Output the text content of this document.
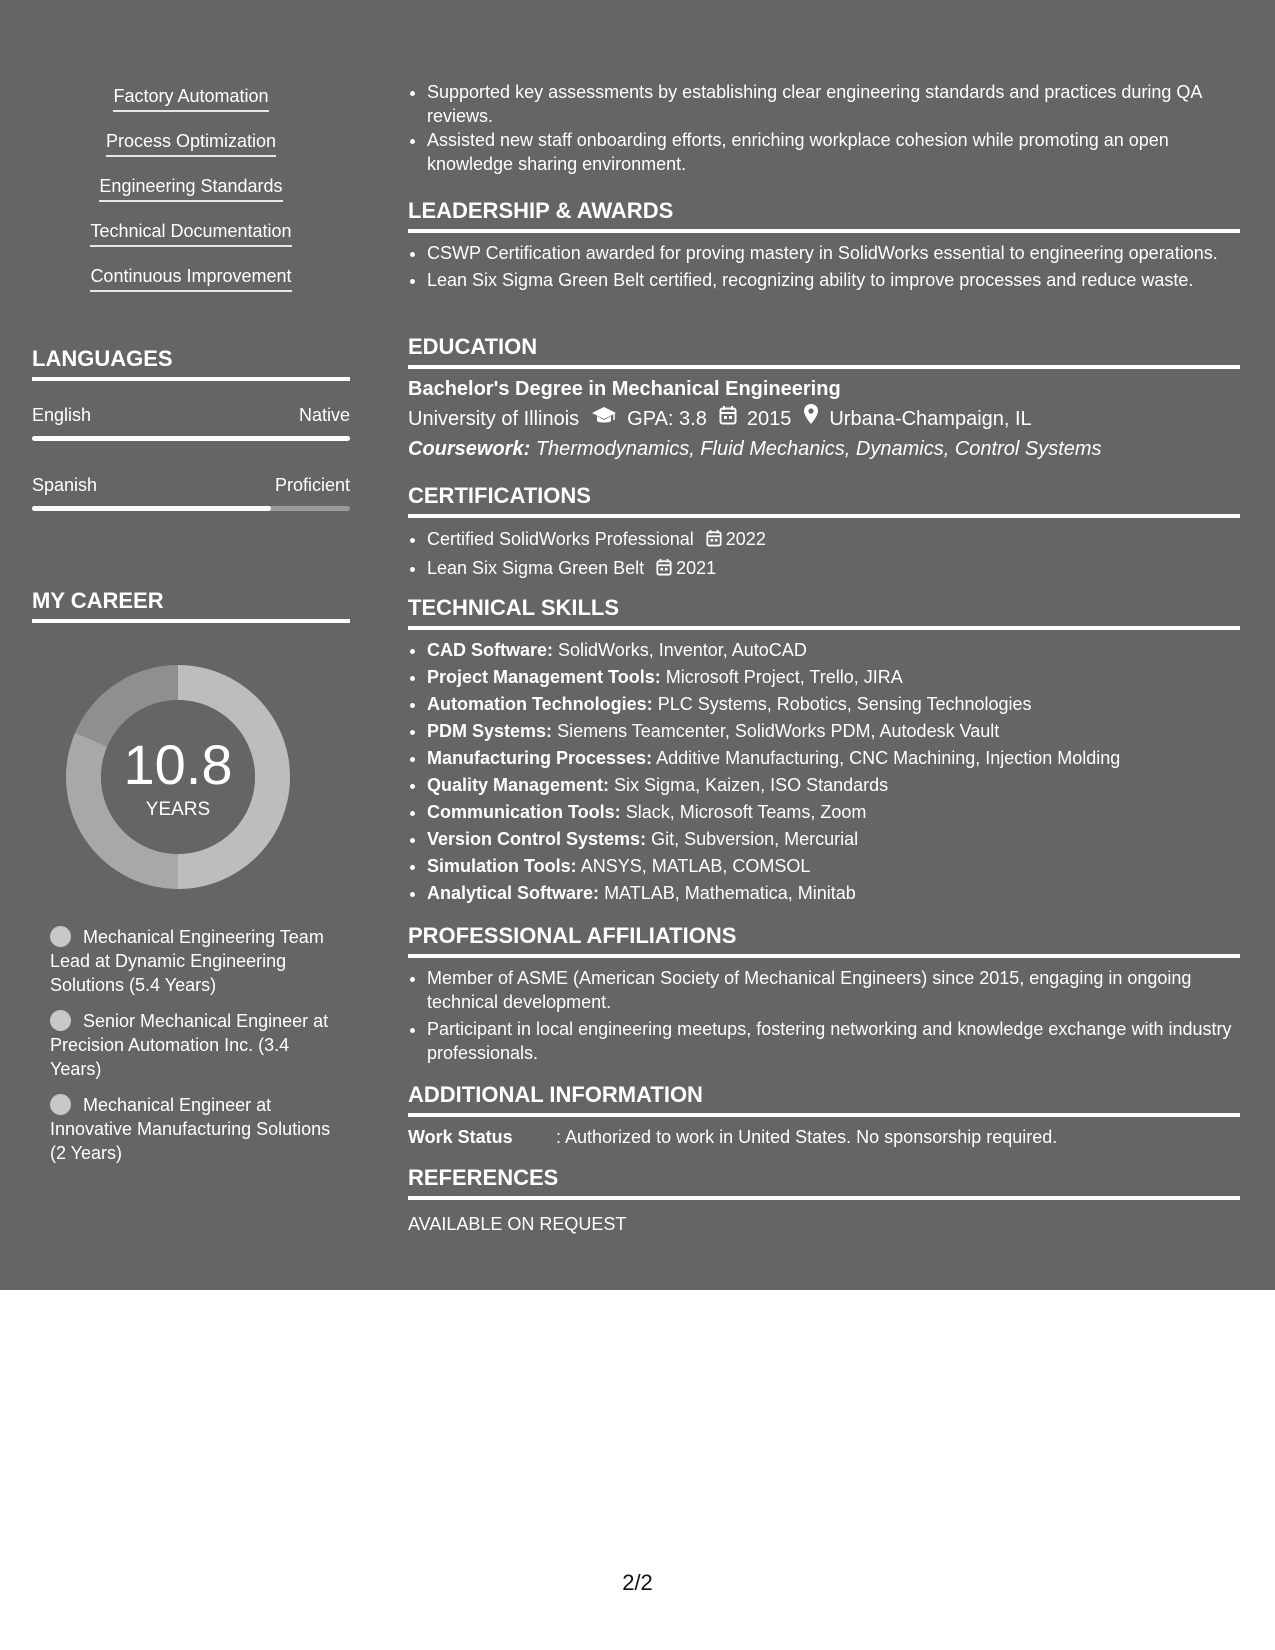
Factory Automation
Process Optimization
Engineering Standards
Technical Documentation
Continuous Improvement
LANGUAGES
English	Native
Spanish	Proficient
MY CAREER
10.8
YEARS
Mechanical Engineering Team Lead at Dynamic Engineering Solutions (5.4 Years)
Senior Mechanical Engineer at Precision Automation Inc. (3.4 Years)
Mechanical Engineer at Innovative Manufacturing Solutions (2 Years)
• Supported key assessments by establishing clear engineering standards and practices during QA reviews.
• Assisted new staff onboarding efforts, enriching workplace cohesion while promoting an open knowledge sharing environment.
LEADERSHIP & AWARDS
• CSWP Certification awarded for proving mastery in SolidWorks essential to engineering operations.
• Lean Six Sigma Green Belt certified, recognizing ability to improve processes and reduce waste.
EDUCATION
Bachelor's Degree in Mechanical Engineering
University of Illinois GPA: 3.8 2015 Urbana-Champaign, IL
Coursework: Thermodynamics, Fluid Mechanics, Dynamics, Control Systems
CERTIFICATIONS
• Certified SolidWorks Professional 2022
• Lean Six Sigma Green Belt 2021
TECHNICAL SKILLS
• CAD Software: SolidWorks, Inventor, AutoCAD
• Project Management Tools: Microsoft Project, Trello, JIRA
• Automation Technologies: PLC Systems, Robotics, Sensing Technologies
• PDM Systems: Siemens Teamcenter, SolidWorks PDM, Autodesk Vault
• Manufacturing Processes: Additive Manufacturing, CNC Machining, Injection Molding
• Quality Management: Six Sigma, Kaizen, ISO Standards
• Communication Tools: Slack, Microsoft Teams, Zoom
• Version Control Systems: Git, Subversion, Mercurial
• Simulation Tools: ANSYS, MATLAB, COMSOL
• Analytical Software: MATLAB, Mathematica, Minitab
PROFESSIONAL AFFILIATIONS
• Member of ASME (American Society of Mechanical Engineers) since 2015, engaging in ongoing technical development.
• Participant in local engineering meetups, fostering networking and knowledge exchange with industry professionals.
ADDITIONAL INFORMATION
Work Status : Authorized to work in United States. No sponsorship required.
REFERENCES
AVAILABLE ON REQUEST
2/2
